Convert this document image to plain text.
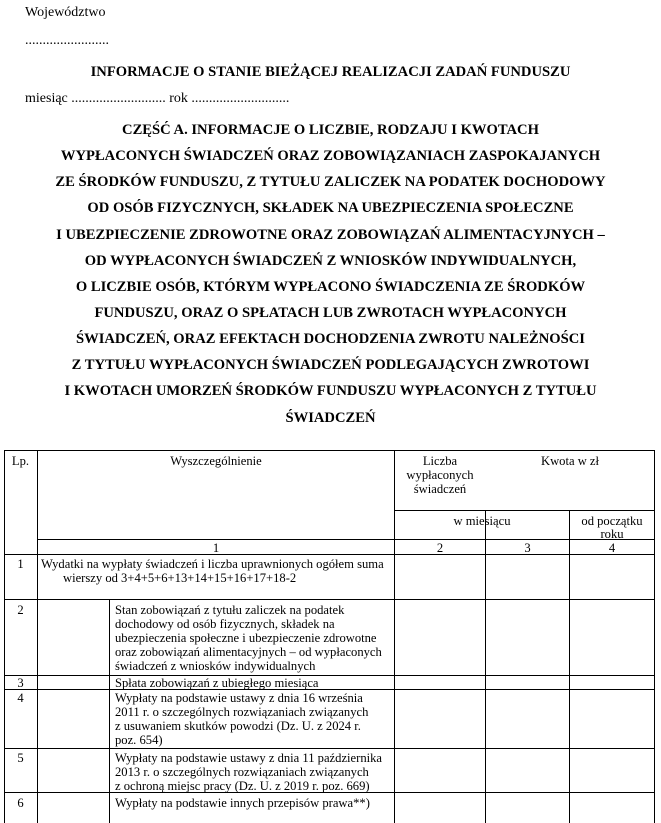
Województwo
........................
INFORMACJE O STANIE BIEŻĄCEJ REALIZACJI ZADAŃ FUNDUSZU
miesiąc ........................... rok ............................
CZĘŚĆ A. INFORMACJE O LICZBIE, RODZAJU I KWOTACH
WYPŁACONYCH ŚWIADCZEŃ ORAZ ZOBOWIĄZANIACH ZASPOKAJANYCH
ZE ŚRODKÓW FUNDUSZU, Z TYTUŁU ZALICZEK NA PODATEK DOCHODOWY
OD OSÓB FIZYCZNYCH, SKŁADEK NA UBEZPIECZENIA SPOŁECZNE
I UBEZPIECZENIE ZDROWOTNE ORAZ ZOBOWIĄZAŃ ALIMENTACYJNYCH –
OD WYPŁACONYCH ŚWIADCZEŃ Z WNIOSKÓW INDYWIDUALNYCH,
O LICZBIE OSÓB, KTÓRYM WYPŁACONO ŚWIADCZENIA ZE ŚRODKÓW
FUNDUSZU, ORAZ O SPŁATACH LUB ZWROTACH WYPŁACONYCH
ŚWIADCZEŃ, ORAZ EFEKTACH DOCHODZENIA ZWROTU NALEŻNOŚCI
Z TYTUŁU WYPŁACONYCH ŚWIADCZEŃ PODLEGAJĄCYCH ZWROTOWI
I KWOTACH UMORZEŃ ŚRODKÓW FUNDUSZU WYPŁACONYCH Z TYTUŁU
ŚWIADCZEŃ
Lp.	Wyszczególnienie	Liczba
wypłaconych
świadczeń
Kwota w zł
w miesiącu	od początku
roku
1	2	3	4
1	Wydatki na wypłaty świadczeń i liczba uprawnionych ogółem suma
wierszy od 3+4+5+6+13+14+15+16+17+18-2
2	Stan zobowiązań z tytułu zaliczek na podatek
dochodowy od osób fizycznych, składek na
ubezpieczenia społeczne i ubezpieczenie zdrowotne
oraz zobowiązań alimentacyjnych – od wypłaconych
świadczeń z wniosków indywidualnych
3	Spłata zobowiązań z ubiegłego miesiąca
4	Wypłaty na podstawie ustawy z dnia 16 września
2011 r. o szczególnych rozwiązaniach związanych
z usuwaniem skutków powodzi (Dz. U. z 2024 r.
poz. 654)
5	Wypłaty na podstawie ustawy z dnia 11 października
2013 r. o szczególnych rozwiązaniach związanych
z ochroną miejsc pracy (Dz. U. z 2019 r. poz. 669)
6	Wypłaty na podstawie innych przepisów prawa**)
